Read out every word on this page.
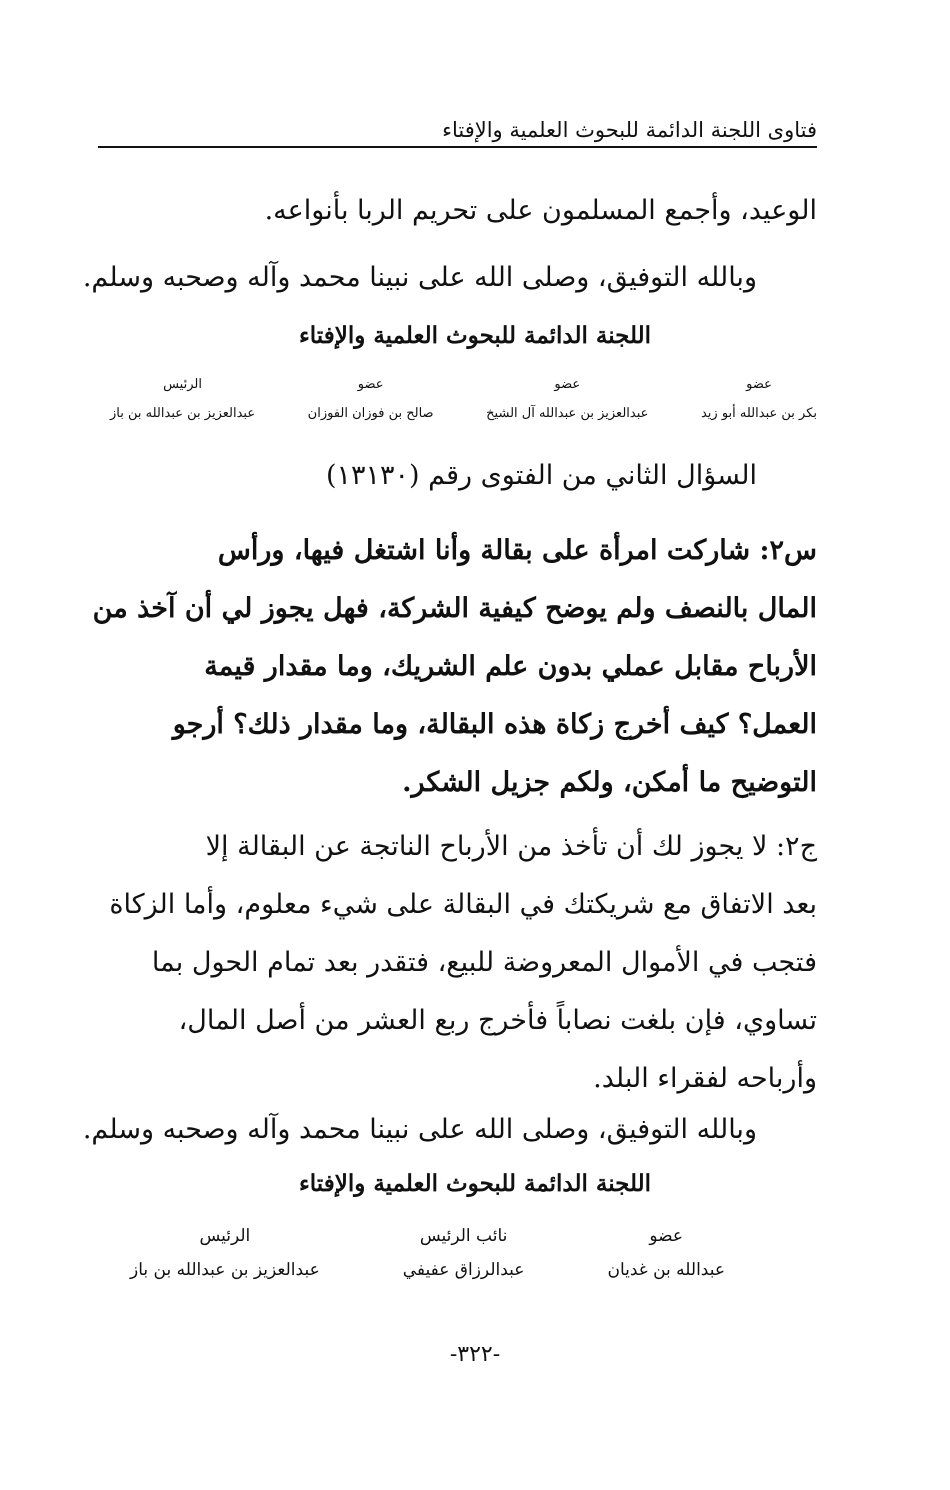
فتاوى اللجنة الدائمة للبحوث العلمية والإفتاء
الوعيد، وأجمع المسلمون على تحريم الربا بأنواعه.
وبالله التوفيق، وصلى الله على نبينا محمد وآله وصحبه وسلم.
اللجنة الدائمة للبحوث العلمية والإفتاء
عضو
بكر بن عبدالله أبو زيد
عضو
عبدالعزيز بن عبدالله آل الشيخ
عضو
صالح بن فوزان الفوزان
الرئيس
عبدالعزيز بن عبدالله بن باز
السؤال الثاني من الفتوى رقم (١٣١٣٠)
س٢: شاركت امرأة على بقالة وأنا اشتغل فيها، ورأس
المال بالنصف ولم يوضح كيفية الشركة، فهل يجوز لي أن آخذ من
الأرباح مقابل عملي بدون علم الشريك، وما مقدار قيمة
العمل؟ كيف أخرج زكاة هذه البقالة، وما مقدار ذلك؟ أرجو
التوضيح ما أمكن، ولكم جزيل الشكر.
ج٢: لا يجوز لك أن تأخذ من الأرباح الناتجة عن البقالة إلا
بعد الاتفاق مع شريكتك في البقالة على شيء معلوم، وأما الزكاة
فتجب في الأموال المعروضة للبيع، فتقدر بعد تمام الحول بما
تساوي، فإن بلغت نصاباً فأخرج ربع العشر من أصل المال،
وأرباحه لفقراء البلد.
وبالله التوفيق، وصلى الله على نبينا محمد وآله وصحبه وسلم.
اللجنة الدائمة للبحوث العلمية والإفتاء
عضو
عبدالله بن غديان
نائب الرئيس
عبدالرزاق عفيفي
الرئيس
عبدالعزيز بن عبدالله بن باز
-٣٢٢-
